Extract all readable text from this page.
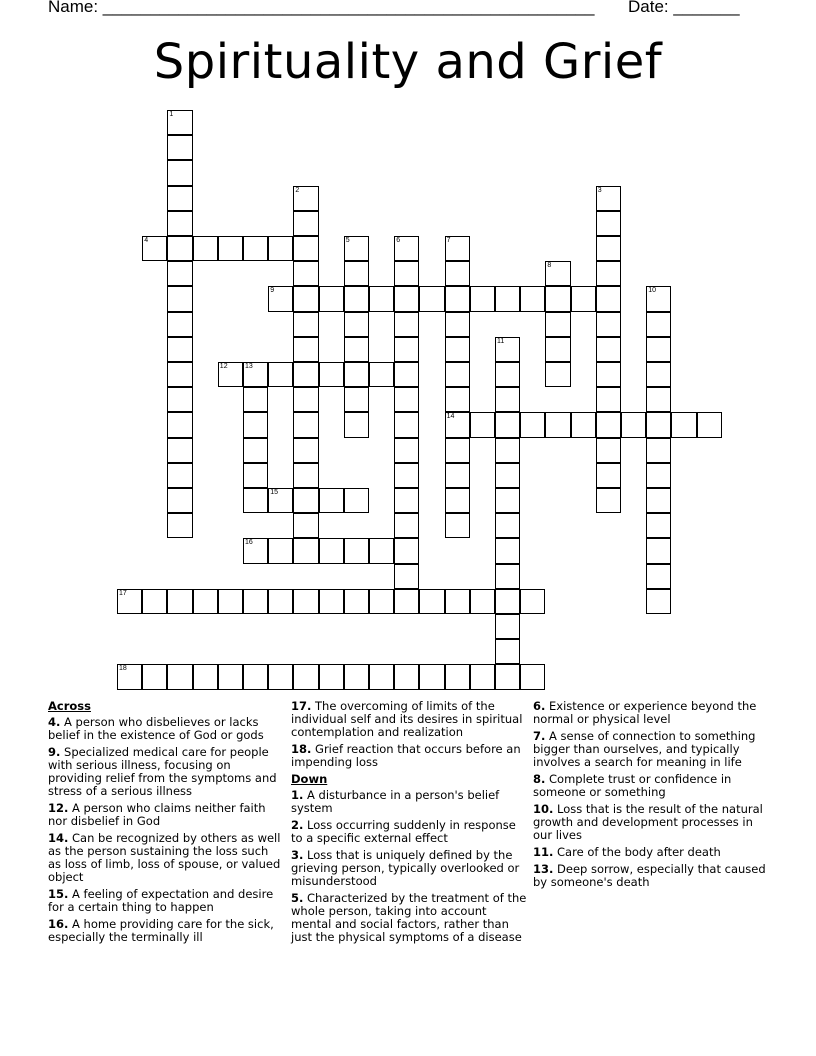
Name: ____________________________________________________ Date: _______
Spirituality and Grief
1
2	3
4	5	6	7
14
8
9	10
11
12 13
15
16
17
18
Across
4. A person who disbelieves or lacks belief in the existence of God or gods
9. Specialized medical care for people with serious illness, focusing on providing relief from the symptoms and stress of a serious illness
12. A person who claims neither faith nor disbelief in God
14. Can be recognized by others as well as the person sustaining the loss such as loss of limb, loss of spouse, or valued object
15. A feeling of expectation and desire for a certain thing to happen
16. A home providing care for the sick, especially the terminally ill
17. The overcoming of limits of the individual self and its desires in spiritual contemplation and realization
18. Grief reaction that occurs before an impending loss
Down
1. A disturbance in a person's belief system
2. Loss occurring suddenly in response to a specific external effect
3. Loss that is uniquely defined by the grieving person, typically overlooked or misunderstood
5. Characterized by the treatment of the whole person, taking into account mental and social factors, rather than just the physical symptoms of a disease
6. Existence or experience beyond the normal or physical level
7. A sense of connection to something bigger than ourselves, and typically involves a search for meaning in life
8. Complete trust or confidence in someone or something
10. Loss that is the result of the natural growth and development processes in our lives
11. Care of the body after death
13. Deep sorrow, especially that caused by someone's death
